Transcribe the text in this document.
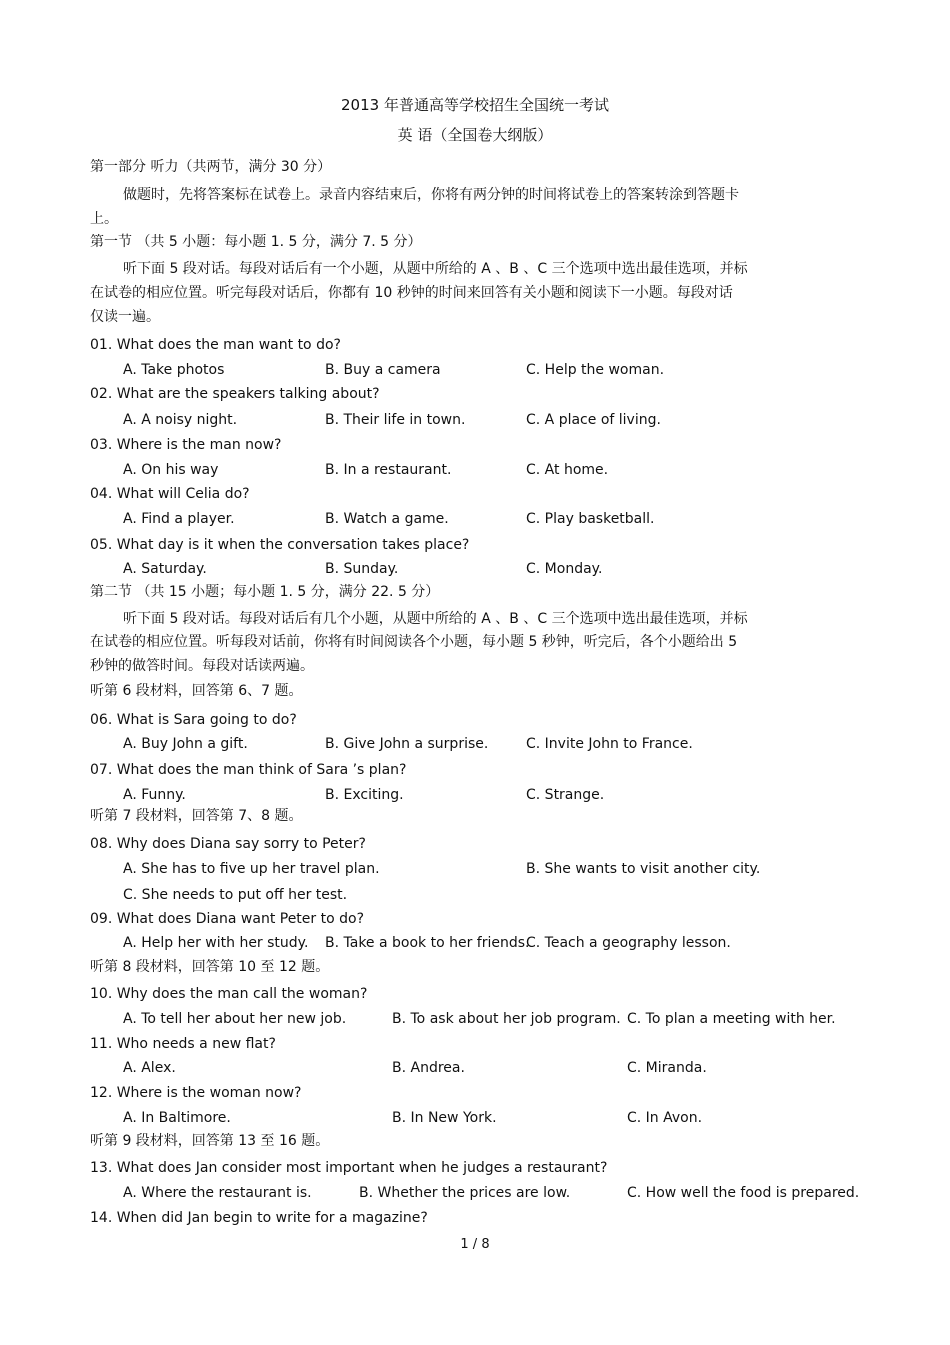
2013 年普通高等学校招生全国统一考试
英 语（全国卷大纲版）
第一部分 听力（共两节，满分 30 分）
做题时，先将答案标在试卷上。录音内容结束后，你将有两分钟的时间将试卷上的答案转涂到答题卡
上。
第一节 （共 5 小题：每小题 1. 5 分，满分 7. 5 分）
听下面 5 段对话。每段对话后有一个小题，从题中所给的 A 、B 、C 三个选项中选出最佳选项，并标
在试卷的相应位置。听完每段对话后，你都有 10 秒钟的时间来回答有关小题和阅读下一小题。每段对话
仅读一遍。
01. What does the man want to do?
A. Take photos	B. Buy a camera	C. Help the woman.
02. What are the speakers talking about?
A. A noisy night.	B. Their life in town.	C. A place of living.
03. Where is the man now?
A. On his way	B. In a restaurant.	C. At home.
04. What will Celia do?
A. Find a player.	B. Watch a game.	C. Play basketball.
05. What day is it when the conversation takes place?
A. Saturday.	B. Sunday.	C. Monday.
第二节 （共 15 小题；每小题 1. 5 分，满分 22. 5 分）
听下面 5 段对话。每段对话后有几个小题，从题中所给的 A 、B 、C 三个选项中选出最佳选项，并标
在试卷的相应位置。听每段对话前，你将有时间阅读各个小题，每小题 5 秒钟，听完后，各个小题给出 5
秒钟的做答时间。每段对话读两遍。
听第 6 段材料，回答第 6、7 题。
06. What is Sara going to do?
A. Buy John a gift.	B. Give John a surprise.	C. Invite John to France.
07. What does the man think of Sara ’s plan?
A. Funny.	B. Exciting.	C. Strange.
听第 7 段材料，回答第 7、8 题。
08. Why does Diana say sorry to Peter?
A. She has to five up her travel plan.	B. She wants to visit another city.
C. She needs to put off her test.
09. What does Diana want Peter to do?
A. Help her with her study. B. Take a book to her friends.
C. Teach a geography lesson.
听第 8 段材料，回答第 10 至 12 题。
10. Why does the man call the woman?
A. To tell her about her new job.	B. To ask about her job program. C. To plan a meeting with her.
11. Who needs a new flat?
A. Alex.	B. Andrea.	C. Miranda.
12. Where is the woman now?
A. In Baltimore.	B. In New York.	C. In Avon.
听第 9 段材料，回答第 13 至 16 题。
13. What does Jan consider most important when he judges a restaurant?
A. Where the restaurant is.	B. Whether the prices are low.	C. How well the food is prepared.
14. When did Jan begin to write for a magazine?
1 / 8
